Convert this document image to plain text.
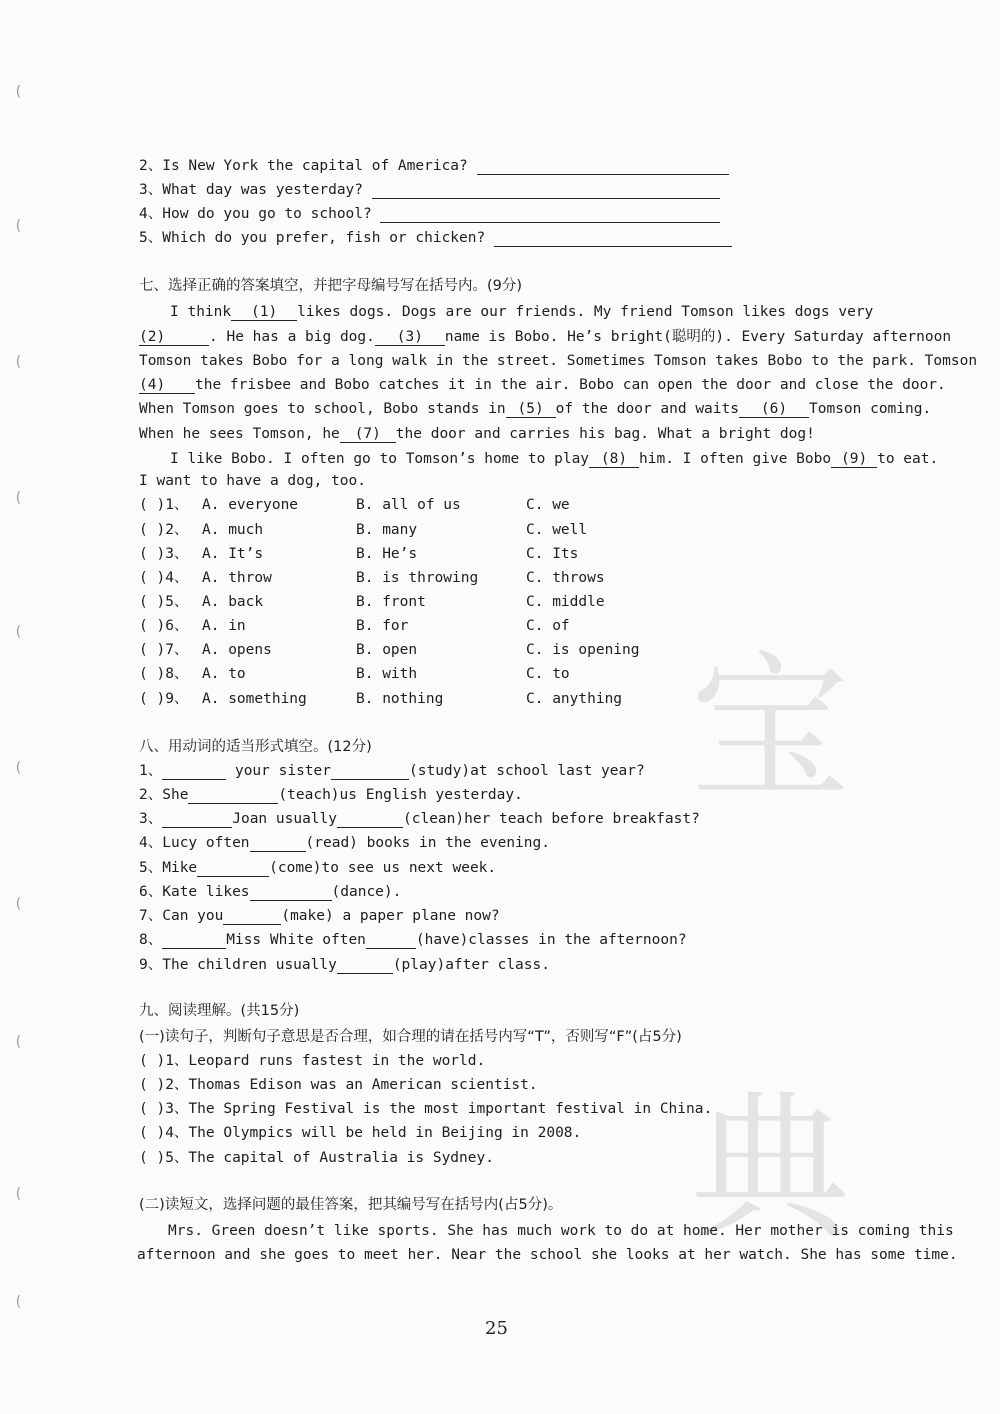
(
(
(
(
(
(
(
(
(
(
宝
典
2、Is New York the capital of America?
3、What day was yesterday?
4、How do you go to school?
5、Which do you prefer, fish or chicken?
七、选择正确的答案填空，并把字母编号写在括号内。(9分)
I think (1) likes dogs. Dogs are our friends. My friend Tomson likes dogs very
(2)	. He has a big dog. (3) name is Bobo. He’s bright(聪明的). Every Saturday afternoon
Tomson takes Bobo for a long walk in the street. Sometimes Tomson takes Bobo to the park. Tomson
(4) the frisbee and Bobo catches it in the air. Bobo can open the door and close the door.
When Tomson goes to school, Bobo stands in (5) of the door and waits (6) Tomson coming.
When he sees Tomson, he (7) the door and carries his bag. What a bright dog!
I like Bobo. I often go to Tomson’s home to play (8) him. I often give Bobo (9) to eat.
I want to have a dog, too.
( )1、 A. everyone	B. all of us	C. we
( )2、 A. much	B. many	C. well
( )3、 A. It’s	B. He’s	C. Its
( )4、 A. throw	B. is throwing	C. throws
( )5、 A. back	B. front	C. middle
( )6、 A. in	B. for	C. of
( )7、 A. opens	B. open	C. is opening
( )8、 A. to	B. with	C. to
( )9、 A. something	B. nothing	C. anything
八、用动词的适当形式填空。(12分)
1、	your sister	(study)at school last year?
2、She	(teach)us English yesterday.
3、	Joan usually	(clean)her teach before breakfast?
4、Lucy often	(read) books in the evening.
5、Mike	(come)to see us next week.
6、Kate likes	(dance).
7、Can you	(make) a paper plane now?
8、	Miss White often	(have)classes in the afternoon?
9、The children usually	(play)after class.
九、阅读理解。(共15分)
(一)读句子，判断句子意思是否合理，如合理的请在括号内写“T”，否则写“F”(占5分)
( )1、Leopard runs fastest in the world.
( )2、Thomas Edison was an American scientist.
( )3、The Spring Festival is the most important festival in China.
( )4、The Olympics will be held in Beijing in 2008.
( )5、The capital of Australia is Sydney.
(二)读短文，选择问题的最佳答案，把其编号写在括号内(占5分)。
Mrs. Green doesn’t like sports. She has much work to do at home. Her mother is coming this
afternoon and she goes to meet her. Near the school she looks at her watch. She has some time.
25
